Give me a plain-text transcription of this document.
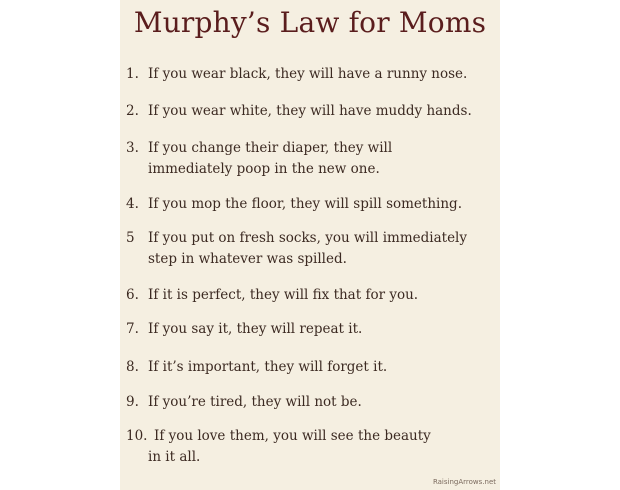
Murphy’s Law for Moms
1. If you wear black, they will have a runny nose.
2. If you wear white, they will have muddy hands.
3. If you change their diaper, they will
immediately poop in the new one.
4. If you mop the floor, they will spill something.
5 If you put on fresh socks, you will immediately
step in whatever was spilled.
6. If it is perfect, they will fix that for you.
7. If you say it, they will repeat it.
8. If it’s important, they will forget it.
9. If you’re tired, they will not be.
10. If you love them, you will see the beauty
in it all.
RaisingArrows.net
